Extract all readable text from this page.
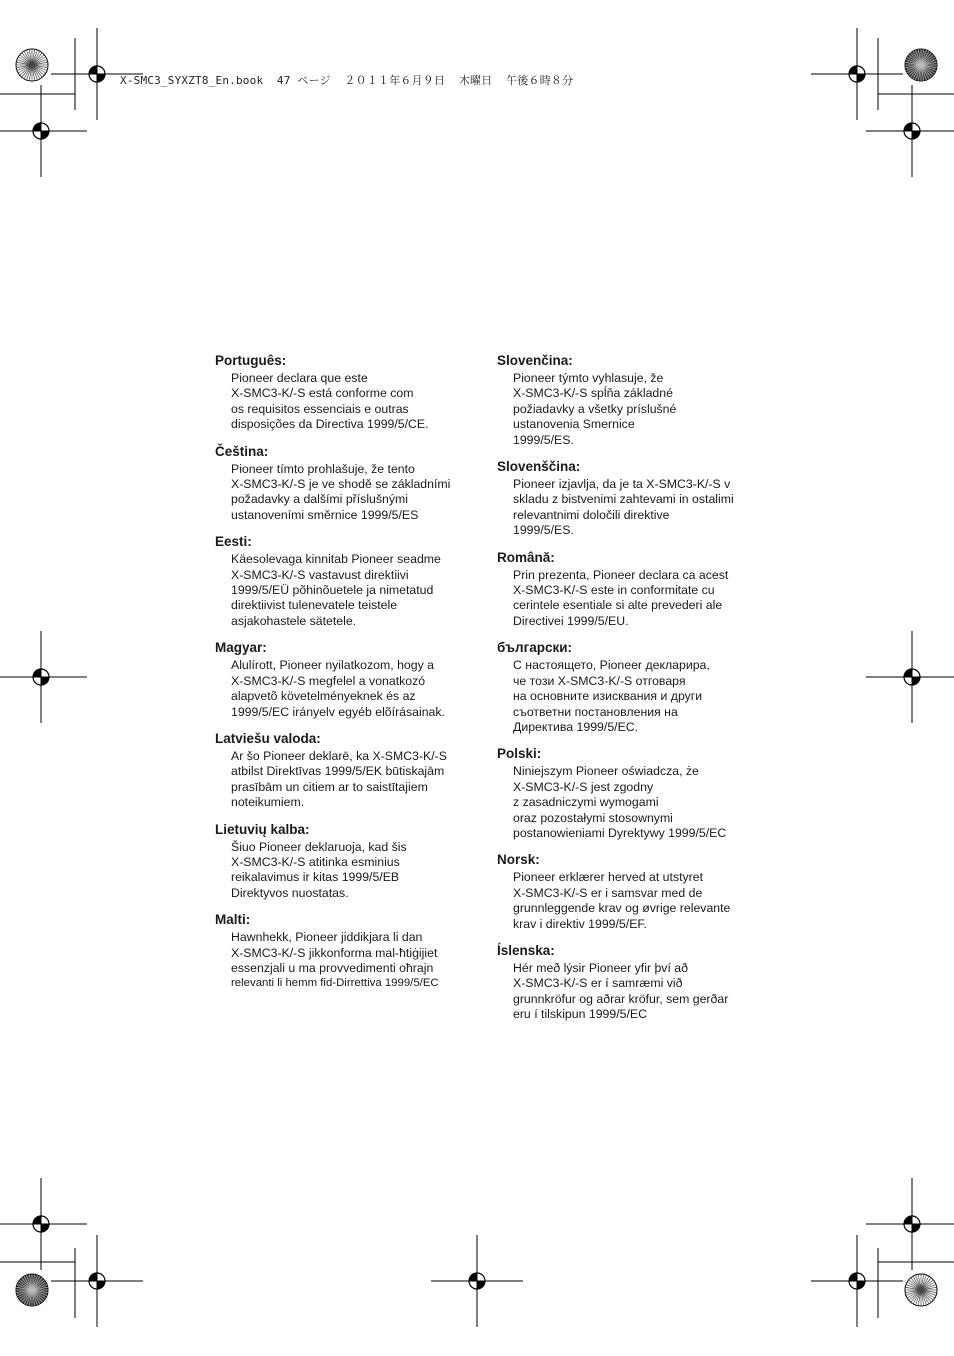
X-SMC3_SYXZT8_En.book  47 ページ  ２０１１年６月９日  木曜日  午後６時８分
Português:
Pioneer declara que este
X-SMC3-K/-S está conforme com
os requisitos essenciais e outras
disposições da Directiva 1999/5/CE.
Čeština:
Pioneer tímto prohlašuje, že tento
X-SMC3-K/-S je ve shodě se základními
požadavky a dalšími příslušnými
ustanoveními směrnice 1999/5/ES
Eesti:
Käesolevaga kinnitab Pioneer seadme
X-SMC3-K/-S vastavust direktiivi
1999/5/EÜ põhinõuetele ja nimetatud
direktiivist tulenevatele teistele
asjakohastele sätetele.
Magyar:
Alulírott, Pioneer nyilatkozom, hogy a
X-SMC3-K/-S megfelel a vonatkozó
alapvetõ követelményeknek és az
1999/5/EC irányelv egyéb elõírásainak.
Latviešu valoda:
Ar šo Pioneer deklarē, ka X-SMC3-K/-S
atbilst Direktīvas 1999/5/EK būtiskajām
prasībām un citiem ar to saistītajiem
noteikumiem.
Lietuvių kalba:
Šiuo Pioneer deklaruoja, kad šis
X-SMC3-K/-S atitinka esminius
reikalavimus ir kitas 1999/5/EB
Direktyvos nuostatas.
Malti:
Hawnhekk, Pioneer jiddikjara li dan
X-SMC3-K/-S jikkonforma mal-ħtiġijiet
essenzjali u ma provvedimenti oħrajn
relevanti li hemm fid-Dirrettiva 1999/5/EC
Slovenčina:
Pioneer týmto vyhlasuje, že
X-SMC3-K/-S spĺňa základné
požiadavky a všetky príslušné
ustanovenia Smernice
1999/5/ES.
Slovenščina:
Pioneer izjavlja, da je ta X-SMC3-K/-S v
skladu z bistvenimi zahtevami in ostalimi
relevantnimi določili direktive
1999/5/ES.
Română:
Prin prezenta, Pioneer declara ca acest
X-SMC3-K/-S este in conformitate cu
cerintele esentiale si alte prevederi ale
Directivei 1999/5/EU.
български:
С настоящето, Pioneer декларира,
че този X-SMC3-K/-S отговаря
на основните изисквания и други
съответни постановления на
Директива 1999/5/EC.
Polski:
Niniejszym Pioneer oświadcza, że
X-SMC3-K/-S jest zgodny
z zasadniczymi wymogami
oraz pozostałymi stosownymi
postanowieniami Dyrektywy 1999/5/EC
Norsk:
Pioneer erklærer herved at utstyret
X-SMC3-K/-S er i samsvar med de
grunnleggende krav og øvrige relevante
krav i direktiv 1999/5/EF.
Íslenska:
Hér með lýsir Pioneer yfir því að
X-SMC3-K/-S er í samræmi við
grunnkröfur og aðrar kröfur, sem gerðar
eru í tilskipun 1999/5/EC
